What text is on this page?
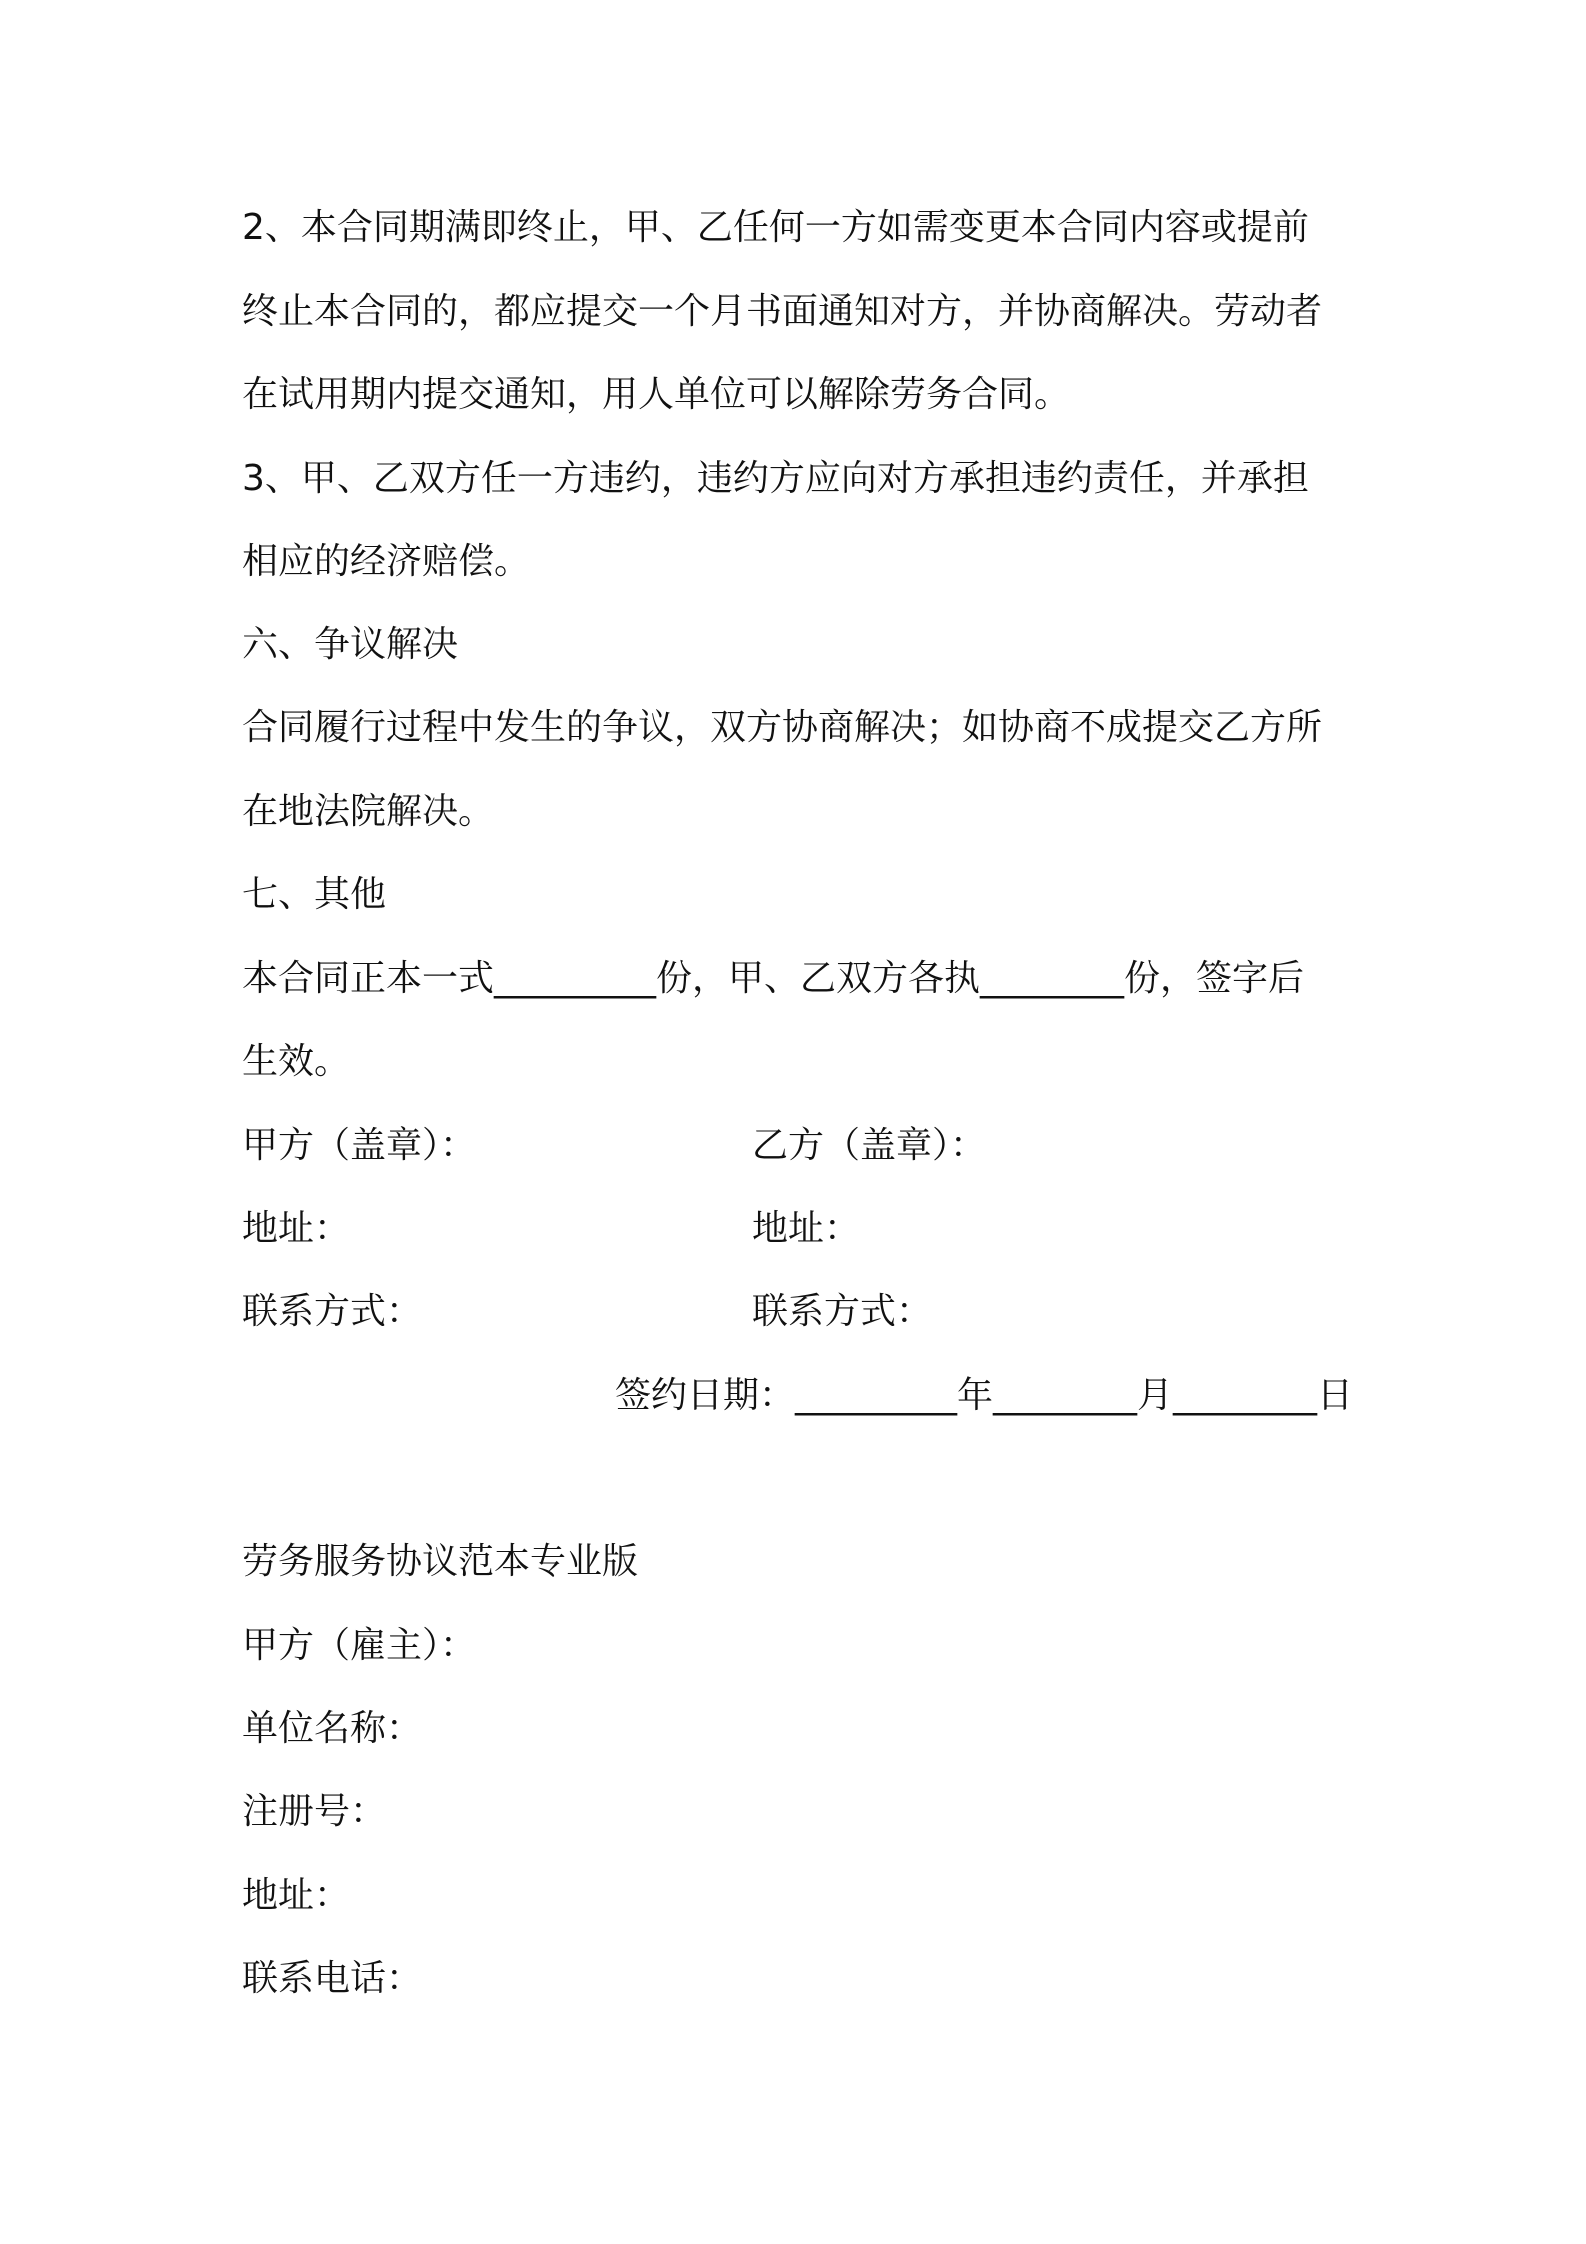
2、本合同期满即终止，甲、乙任何一方如需变更本合同内容或提前
终止本合同的，都应提交一个月书面通知对方，并协商解决。劳动者
在试用期内提交通知，用人单位可以解除劳务合同。
3、甲、乙双方任一方违约，违约方应向对方承担违约责任，并承担
相应的经济赔偿。
六、争议解决
合同履行过程中发生的争议，双方协商解决；如协商不成提交乙方所
在地法院解决。
七、其他
本合同正本一式_________份，甲、乙双方各执________份，签字后
生效。
甲方（盖章）：	乙方（盖章）：
地址：	地址：
联系方式：	联系方式：
签约日期：_________年________月________日
劳务服务协议范本专业版
甲方（雇主）：
单位名称：
注册号：
地址：
联系电话：
